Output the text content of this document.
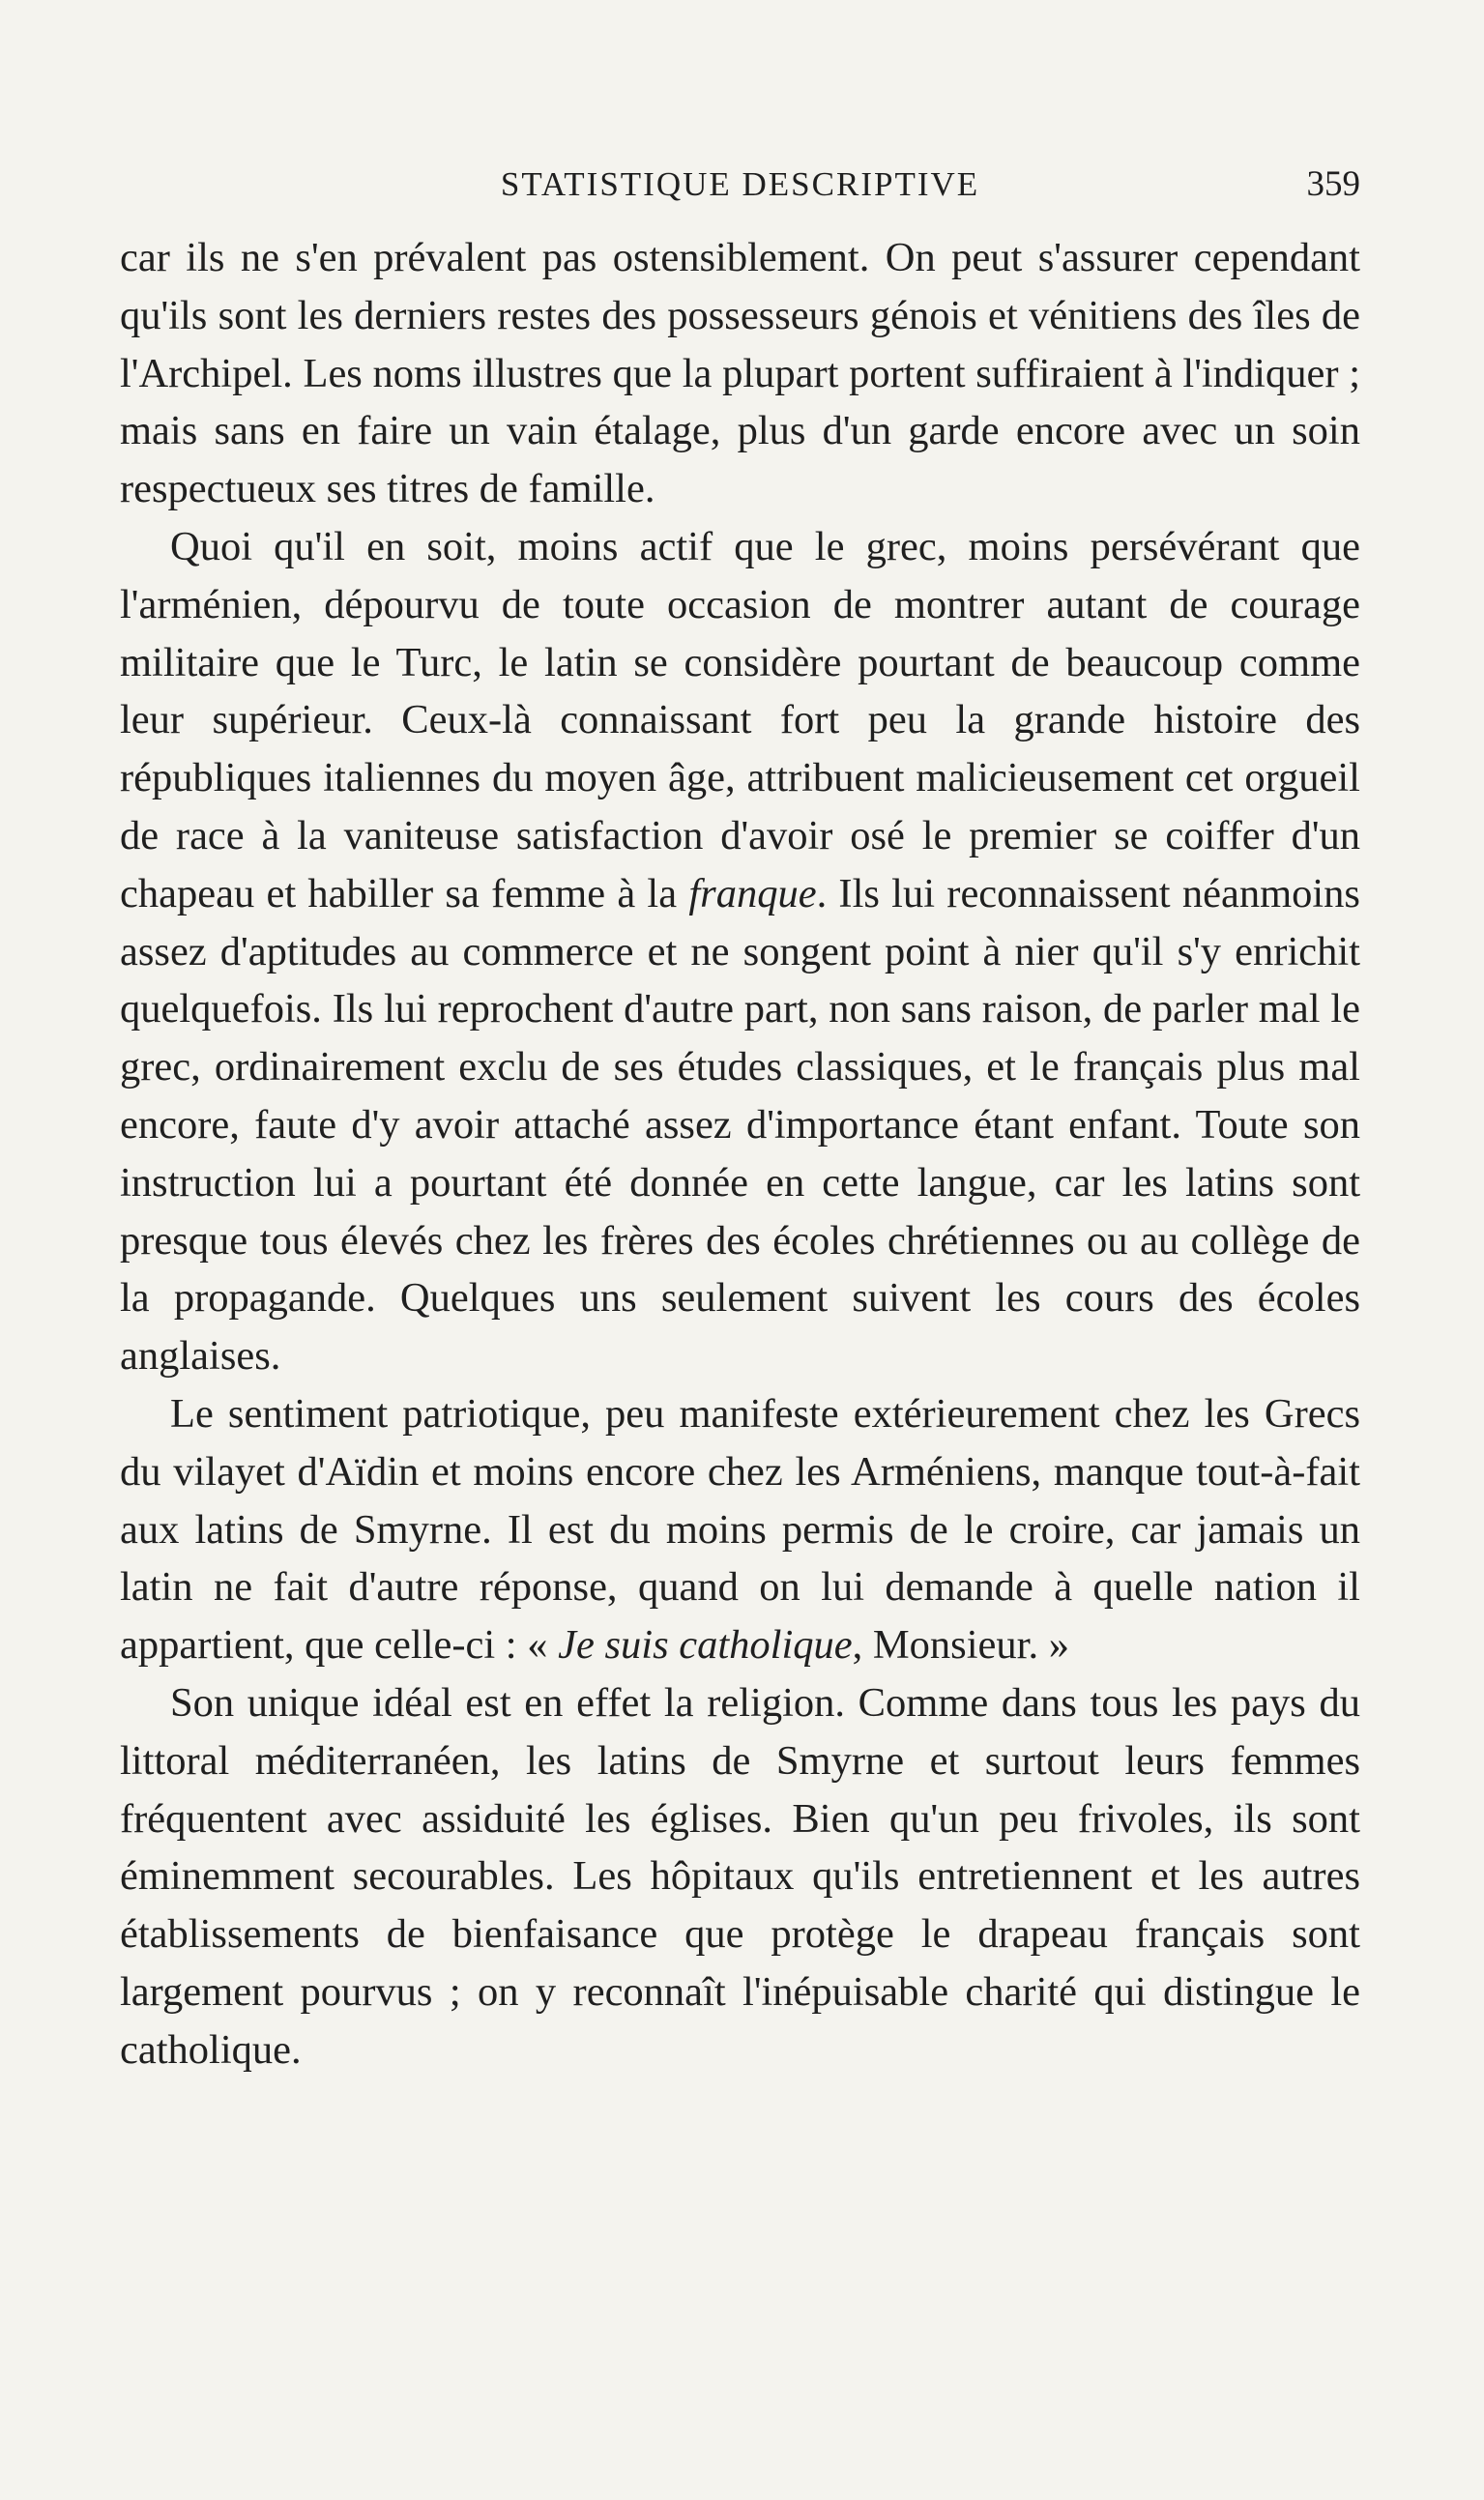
STATISTIQUE DESCRIPTIVE	359

car ils ne s'en prévalent pas ostensiblement. On peut s'assurer cependant qu'ils sont les derniers restes des possesseurs génois et vénitiens des îles de l'Archipel. Les noms illustres que la plupart portent suffiraient à l'indiquer ; mais sans en faire un vain étalage, plus d'un garde encore avec un soin respectueux ses titres de famille.

Quoi qu'il en soit, moins actif que le grec, moins persévérant que l'arménien, dépourvu de toute occasion de montrer autant de courage militaire que le Turc, le latin se considère pourtant de beaucoup comme leur supérieur. Ceux-là connaissant fort peu la grande histoire des républiques italiennes du moyen âge, attribuent malicieusement cet orgueil de race à la vaniteuse satisfaction d'avoir osé le premier se coiffer d'un chapeau et habiller sa femme à la franque. Ils lui reconnaissent néanmoins assez d'aptitudes au commerce et ne songent point à nier qu'il s'y enrichit quelquefois. Ils lui reprochent d'autre part, non sans raison, de parler mal le grec, ordinairement exclu de ses études classiques, et le français plus mal encore, faute d'y avoir attaché assez d'importance étant enfant. Toute son instruction lui a pourtant été donnée en cette langue, car les latins sont presque tous élevés chez les frères des écoles chrétiennes ou au collège de la propagande. Quelques uns seulement suivent les cours des écoles anglaises.

Le sentiment patriotique, peu manifeste extérieurement chez les Grecs du vilayet d'Aïdin et moins encore chez les Arméniens, manque tout-à-fait aux latins de Smyrne. Il est du moins permis de le croire, car jamais un latin ne fait d'autre réponse, quand on lui demande à quelle nation il appartient, que celle-ci : « Je suis catholique, Monsieur. »

Son unique idéal est en effet la religion. Comme dans tous les pays du littoral méditerranéen, les latins de Smyrne et surtout leurs femmes fréquentent avec assiduité les églises. Bien qu'un peu frivoles, ils sont éminemment secourables. Les hôpitaux qu'ils entretiennent et les autres établissements de bienfaisance que protège le drapeau français sont largement pourvus ; on y reconnaît l'inépuisable charité qui distingue le catholique.
